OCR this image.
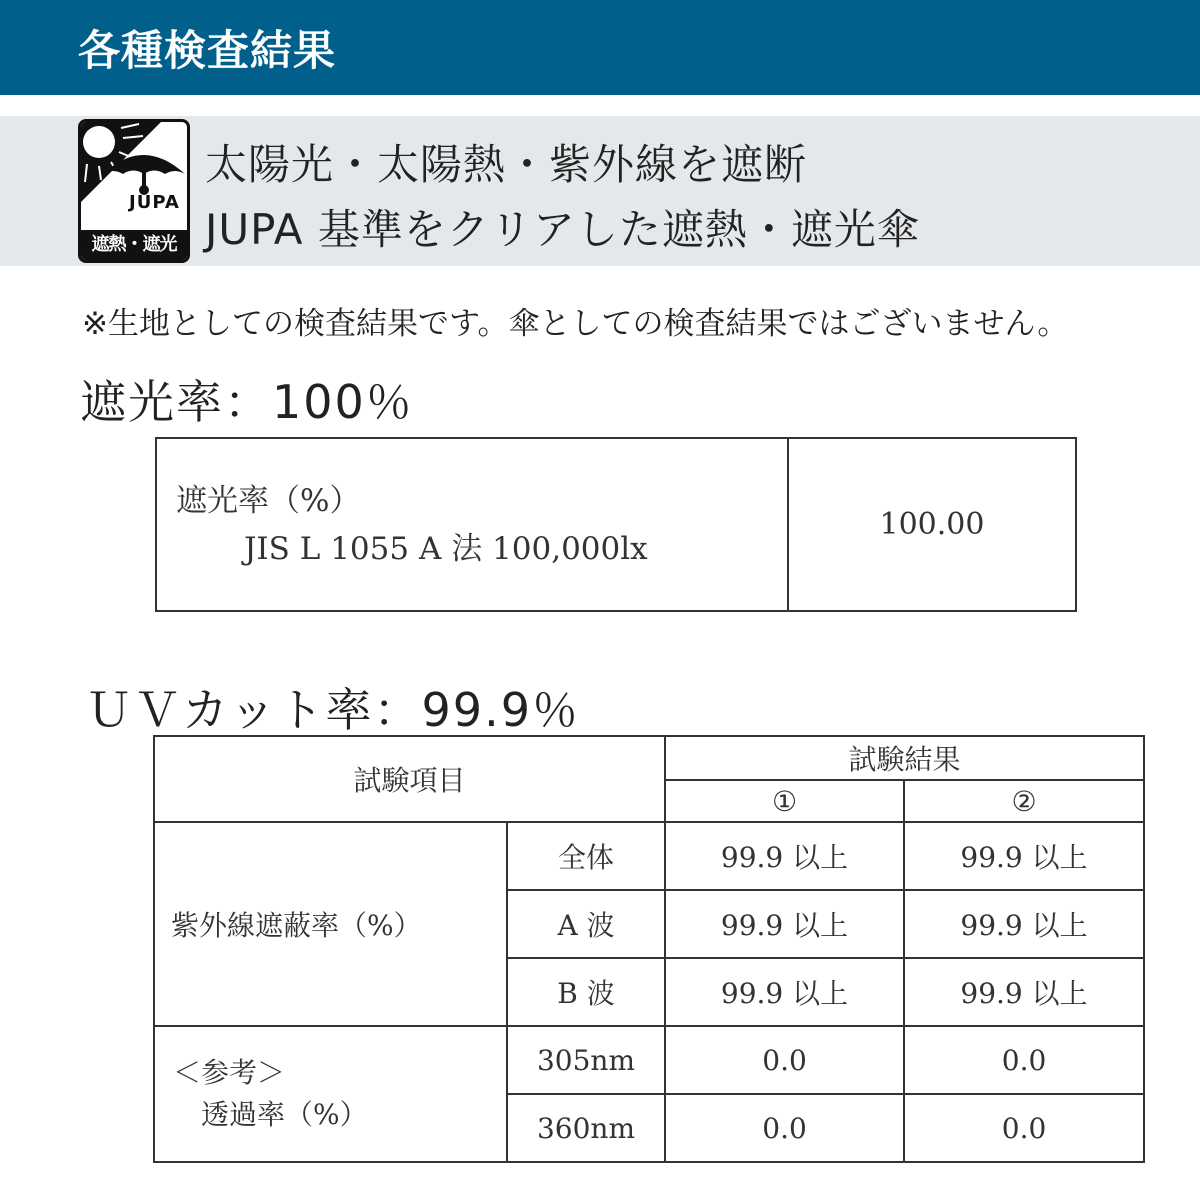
各種検査結果
JUPA
遮熱・遮光
太陽光・太陽熱・紫外線を遮断
JUPA 基準をクリアした遮熱・遮光傘
※生地としての検査結果です。傘としての検査結果ではございません。
遮光率：100％
遮光率（%）
JIS L 1055 A 法 100,000lx
	100.00
ＵＶカット率：99.9％
試験項目		試験結果	
		①	②
紫外線遮蔽率（%）	全体	99.9 以上	99.9 以上
	A 波	99.9 以上	99.9 以上
	B 波	99.9 以上	99.9 以上

＜参考＞
透過率（%）	305nm	0.0	0.0
	360nm	0.0	0.0
